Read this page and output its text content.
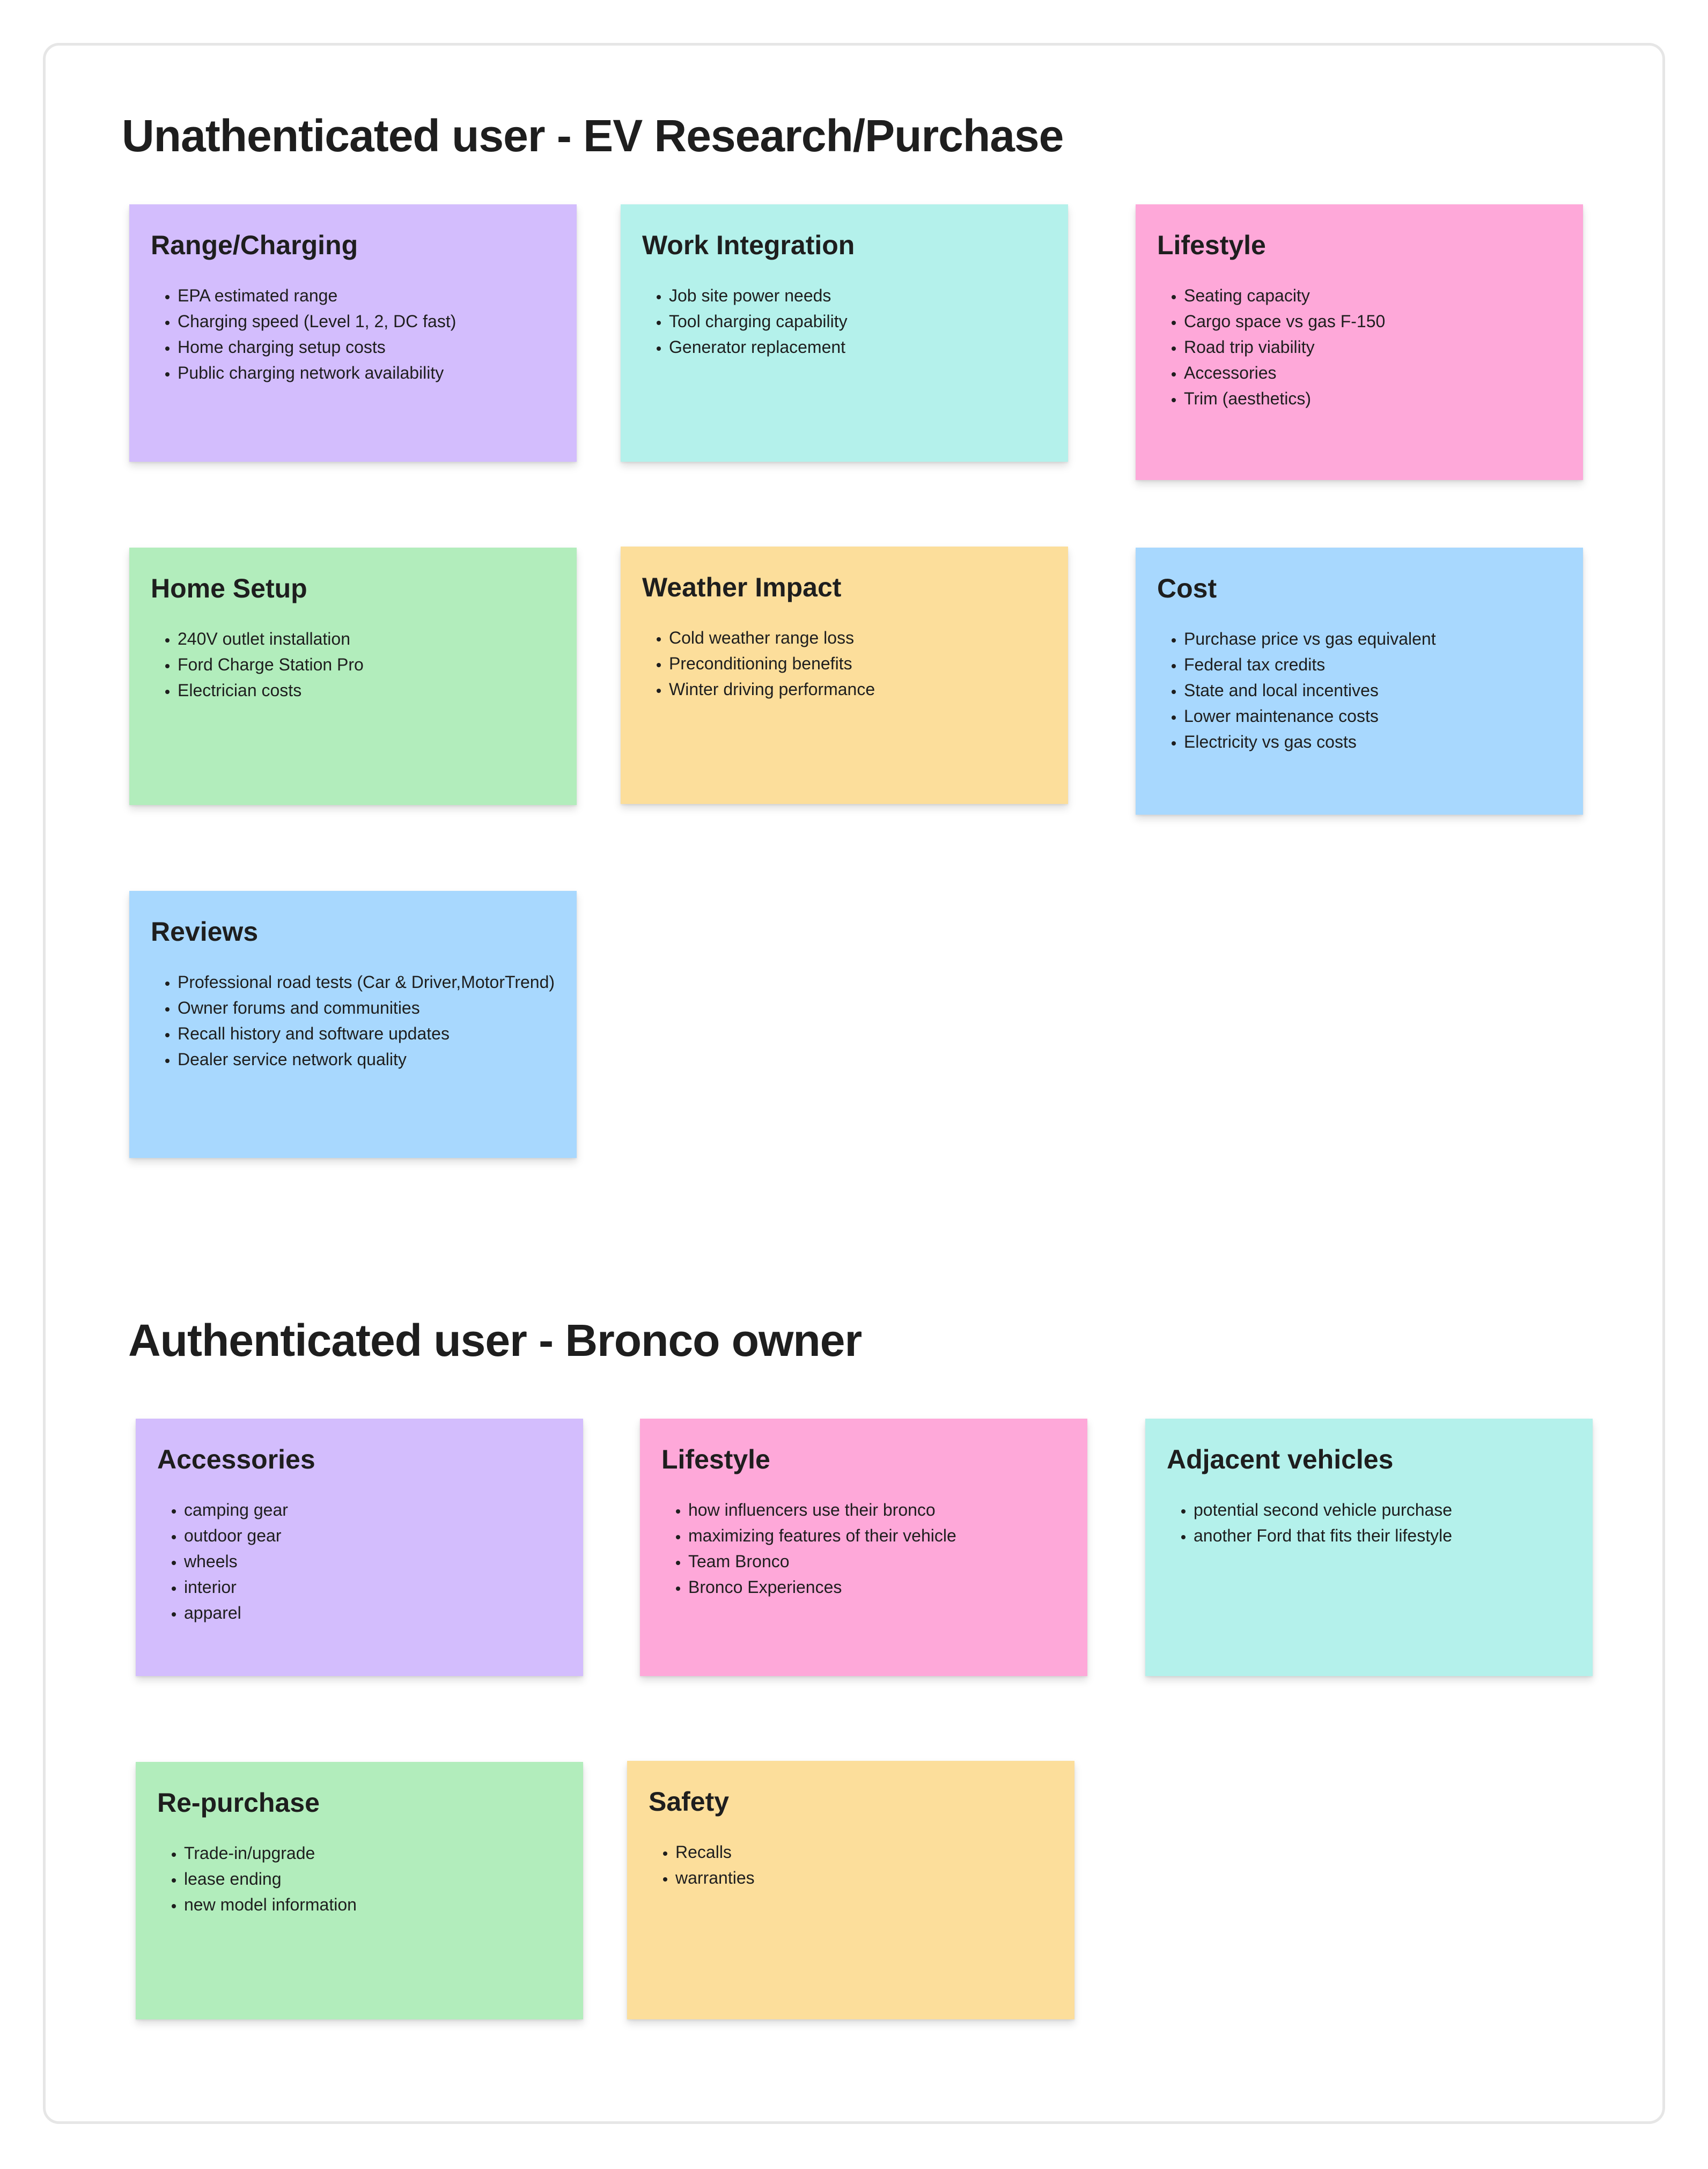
Unathenticated user - EV Research/Purchase
Authenticated user - Bronco owner
Range/Charging
• EPA estimated range
• Charging speed (Level 1, 2, DC fast)
• Home charging setup costs
• Public charging network availability
Work Integration
• Job site power needs
• Tool charging capability
• Generator replacement
Lifestyle
• Seating capacity
• Cargo space vs gas F-150
• Road trip viability
• Accessories
• Trim (aesthetics)
Home Setup
• 240V outlet installation
• Ford Charge Station Pro
• Electrician costs
Weather Impact
• Cold weather range loss
• Preconditioning benefits
• Winter driving performance
Cost
• Purchase price vs gas equivalent
• Federal tax credits
• State and local incentives
• Lower maintenance costs
• Electricity vs gas costs
Reviews
• Professional road tests (Car & Driver,MotorTrend)
• Owner forums and communities
• Recall history and software updates
• Dealer service network quality
Accessories
• camping gear
• outdoor gear
• wheels
• interior
• apparel
Lifestyle
• how influencers use their bronco
• maximizing features of their vehicle
• Team Bronco
• Bronco Experiences
Adjacent vehicles
• potential second vehicle purchase
• another Ford that fits their lifestyle
Re-purchase
• Trade-in/upgrade
• lease ending
• new model information
Safety
• Recalls
• warranties
